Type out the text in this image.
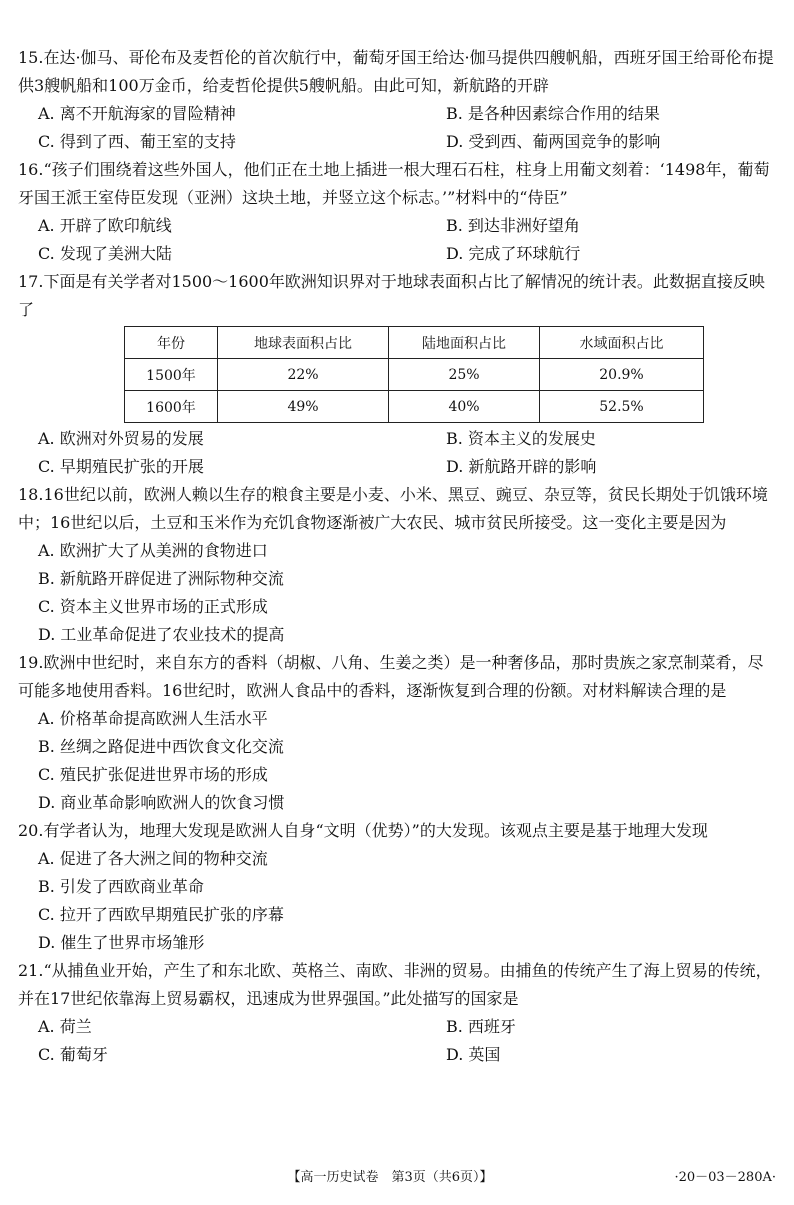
15.在达·伽马、哥伦布及麦哲伦的首次航行中，葡萄牙国王给达·伽马提供四艘帆船，西班牙国王给哥伦布提供3艘帆船和100万金币，给麦哲伦提供5艘帆船。由此可知，新航路的开辟

A. 离不开航海家的冒险精神	B. 是各种因素综合作用的结果
C. 得到了西、葡王室的支持	D. 受到西、葡两国竞争的影响

16.“孩子们围绕着这些外国人，他们正在土地上插进一根大理石石柱，柱身上用葡文刻着：‘1498年，葡萄牙国王派王室侍臣发现（亚洲）这块土地，并竖立这个标志。’”材料中的“侍臣”

A. 开辟了欧印航线	B. 到达非洲好望角
C. 发现了美洲大陆	D. 完成了环球航行

17.下面是有关学者对1500～1600年欧洲知识界对于地球表面积占比了解情况的统计表。此数据直接反映了

年份	地球表面积占比	陆地面积占比	水域面积占比
1500年	22%	25%	20.9%
1600年	49%	40%	52.5%
A. 欧洲对外贸易的发展	B. 资本主义的发展史
C. 早期殖民扩张的开展	D. 新航路开辟的影响

18.16世纪以前，欧洲人赖以生存的粮食主要是小麦、小米、黑豆、豌豆、杂豆等，贫民长期处于饥饿环境中；16世纪以后，土豆和玉米作为充饥食物逐渐被广大农民、城市贫民所接受。这一变化主要是因为

A. 欧洲扩大了从美洲的食物进口
B. 新航路开辟促进了洲际物种交流
C. 资本主义世界市场的正式形成
D. 工业革命促进了农业技术的提高

19.欧洲中世纪时，来自东方的香料（胡椒、八角、生姜之类）是一种奢侈品，那时贵族之家烹制菜肴，尽可能多地使用香料。16世纪时，欧洲人食品中的香料，逐渐恢复到合理的份额。对材料解读合理的是

A. 价格革命提高欧洲人生活水平
B. 丝绸之路促进中西饮食文化交流
C. 殖民扩张促进世界市场的形成
D. 商业革命影响欧洲人的饮食习惯

20.有学者认为，地理大发现是欧洲人自身“文明（优势）”的大发现。该观点主要是基于地理大发现

A. 促进了各大洲之间的物种交流
B. 引发了西欧商业革命
C. 拉开了西欧早期殖民扩张的序幕
D. 催生了世界市场雏形

21.“从捕鱼业开始，产生了和东北欧、英格兰、南欧、非洲的贸易。由捕鱼的传统产生了海上贸易的传统，并在17世纪依靠海上贸易霸权，迅速成为世界强国。”此处描写的国家是

A. 荷兰	B. 西班牙
C. 葡萄牙	D. 英国
【高一历史试卷　第3页（共6页）】	·20－03－280A·
